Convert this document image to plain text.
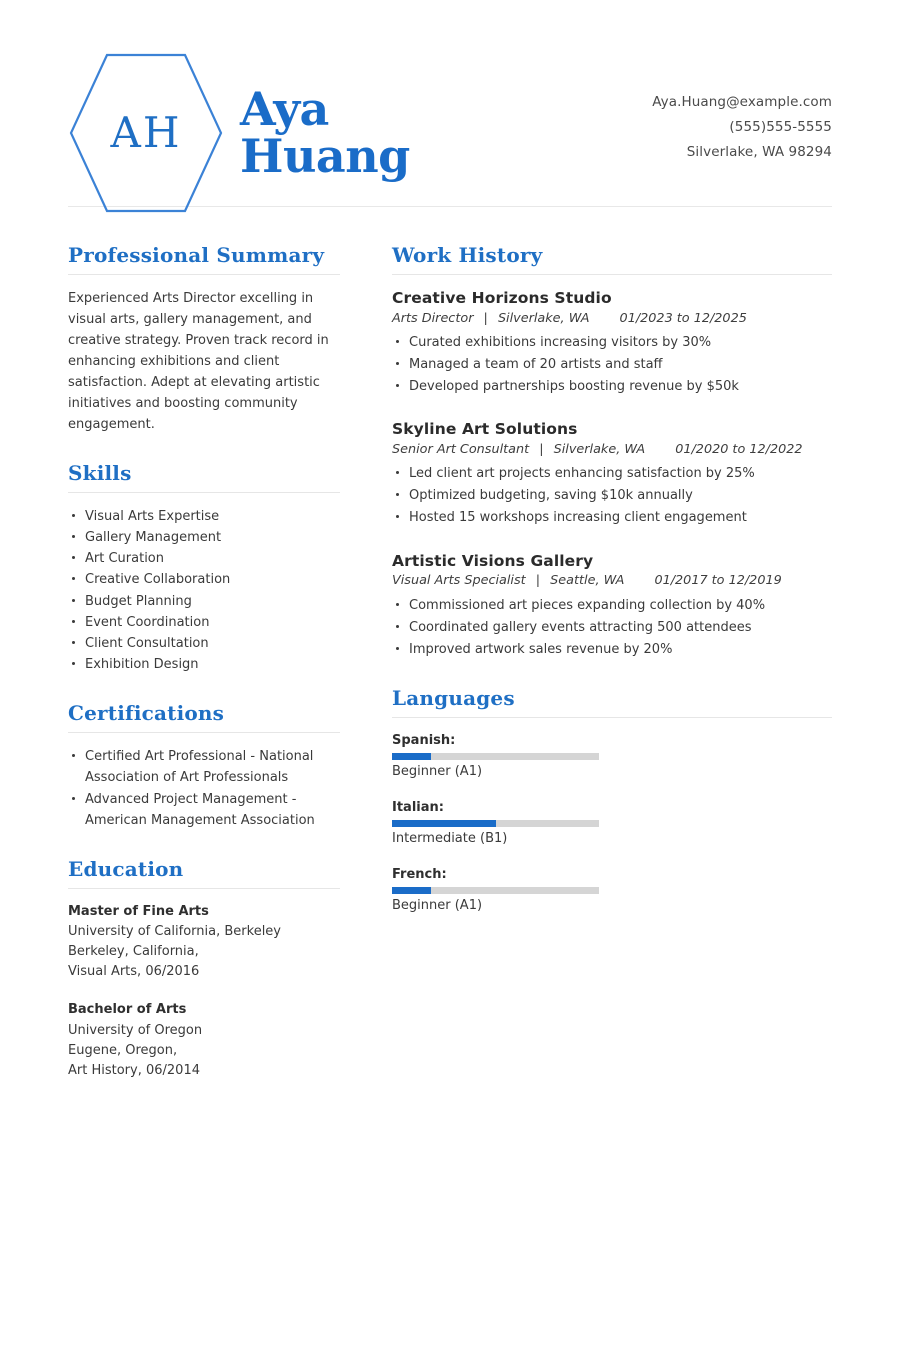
AH Aya
Huang
Aya.Huang@example.com
(555)555-5555
Silverlake, WA 98294
Professional Summary
Experienced Arts Director excelling in visual arts, gallery management, and creative strategy. Proven track record in enhancing exhibitions and client satisfaction. Adept at elevating artistic initiatives and boosting community engagement.
Skills
Visual Arts Expertise
Gallery Management
Art Curation
Creative Collaboration
Budget Planning
Event Coordination
Client Consultation
Exhibition Design
Certifications
Certified Art Professional - National Association of Art Professionals
Advanced Project Management - American Management Association
Education
Master of Fine Arts
University of California, Berkeley
Berkeley, California,
Visual Arts, 06/2016
Bachelor of Arts
University of Oregon
Eugene, Oregon,
Art History, 06/2014
Work History
Creative Horizons Studio
Arts Director | Silverlake, WA 01/2023 to 12/2025
Curated exhibitions increasing visitors by 30%
Managed a team of 20 artists and staff
Developed partnerships boosting revenue by $50k
Skyline Art Solutions
Senior Art Consultant | Silverlake, WA 01/2020 to 12/2022
Led client art projects enhancing satisfaction by 25%
Optimized budgeting, saving $10k annually
Hosted 15 workshops increasing client engagement
Artistic Visions Gallery
Visual Arts Specialist | Seattle, WA 01/2017 to 12/2019
Commissioned art pieces expanding collection by 40%
Coordinated gallery events attracting 500 attendees
Improved artwork sales revenue by 20%
Languages
Spanish:
Beginner (A1)
Italian:
Intermediate (B1)
French:
Beginner (A1)
